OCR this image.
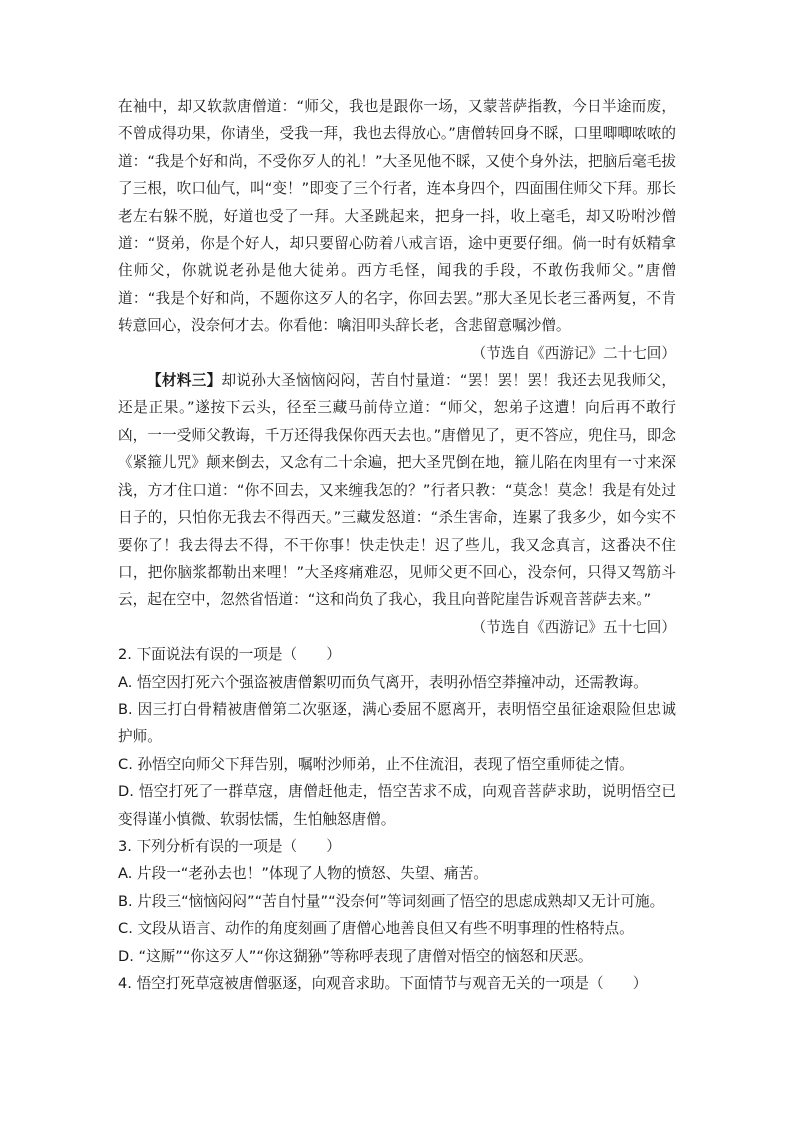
在袖中，却又软款唐僧道：“师父，我也是跟你一场，又蒙菩萨指教，今日半途而废，不曾成得功果，你请坐，受我一拜，我也去得放心。”唐僧转回身不睬，口里唧唧哝哝的道：“我是个好和尚，不受你歹人的礼！”大圣见他不睬，又使个身外法，把脑后毫毛拔了三根，吹口仙气，叫“变！”即变了三个行者，连本身四个，四面围住师父下拜。那长老左右躲不脱，好道也受了一拜。大圣跳起来，把身一抖，收上毫毛，却又吩咐沙僧道：“贤弟，你是个好人，却只要留心防着八戒言语，途中更要仔细。倘一时有妖精拿住师父，你就说老孙是他大徒弟。西方毛怪，闻我的手段，不敢伤我师父。”唐僧道：“我是个好和尚，不题你这歹人的名字，你回去罢。”那大圣见长老三番两复，不肯转意回心，没奈何才去。你看他：噙泪叩头辞长老，含悲留意嘱沙僧。

（节选自《西游记》二十七回）

【材料三】却说孙大圣恼恼闷闷，苦自忖量道：“罢！罢！罢！我还去见我师父，还是正果。”遂按下云头，径至三藏马前侍立道：“师父，恕弟子这遭！向后再不敢行凶，一一受师父教诲，千万还得我保你西天去也。”唐僧见了，更不答应，兜住马，即念《紧箍儿咒》颠来倒去，又念有二十余遍，把大圣咒倒在地，箍儿陷在肉里有一寸来深浅，方才住口道：“你不回去，又来缠我怎的？”行者只教：“莫念！莫念！我是有处过日子的，只怕你无我去不得西天。”三藏发怒道：“杀生害命，连累了我多少，如今实不要你了！我去得去不得，不干你事！快走快走！迟了些儿，我又念真言，这番决不住口，把你脑浆都勒出来哩！”大圣疼痛难忍，见师父更不回心，没奈何，只得又驾筋斗云，起在空中，忽然省悟道：“这和尚负了我心，我且向普陀崖告诉观音菩萨去来。”

（节选自《西游记》五十七回）

2. 下面说法有误的一项是（　　）

A. 悟空因打死六个强盗被唐僧絮叨而负气离开，表明孙悟空莽撞冲动，还需教诲。

B. 因三打白骨精被唐僧第二次驱逐，满心委屈不愿离开，表明悟空虽征途艰险但忠诚护师。

C. 孙悟空向师父下拜告别，嘱咐沙师弟，止不住流泪，表现了悟空重师徒之情。

D. 悟空打死了一群草寇，唐僧赶他走，悟空苦求不成，向观音菩萨求助，说明悟空已变得谨小慎微、软弱怯懦，生怕触怒唐僧。

3. 下列分析有误的一项是（　　）

A. 片段一“老孙去也！”体现了人物的愤怒、失望、痛苦。

B. 片段三“恼恼闷闷”“苦自忖量”“没奈何”等词刻画了悟空的思虑成熟却又无计可施。

C. 文段从语言、动作的角度刻画了唐僧心地善良但又有些不明事理的性格特点。

D. “这厮”“你这歹人”“你这猢狲”等称呼表现了唐僧对悟空的恼怒和厌恶。

4. 悟空打死草寇被唐僧驱逐，向观音求助。下面情节与观音无关的一项是（　　）
